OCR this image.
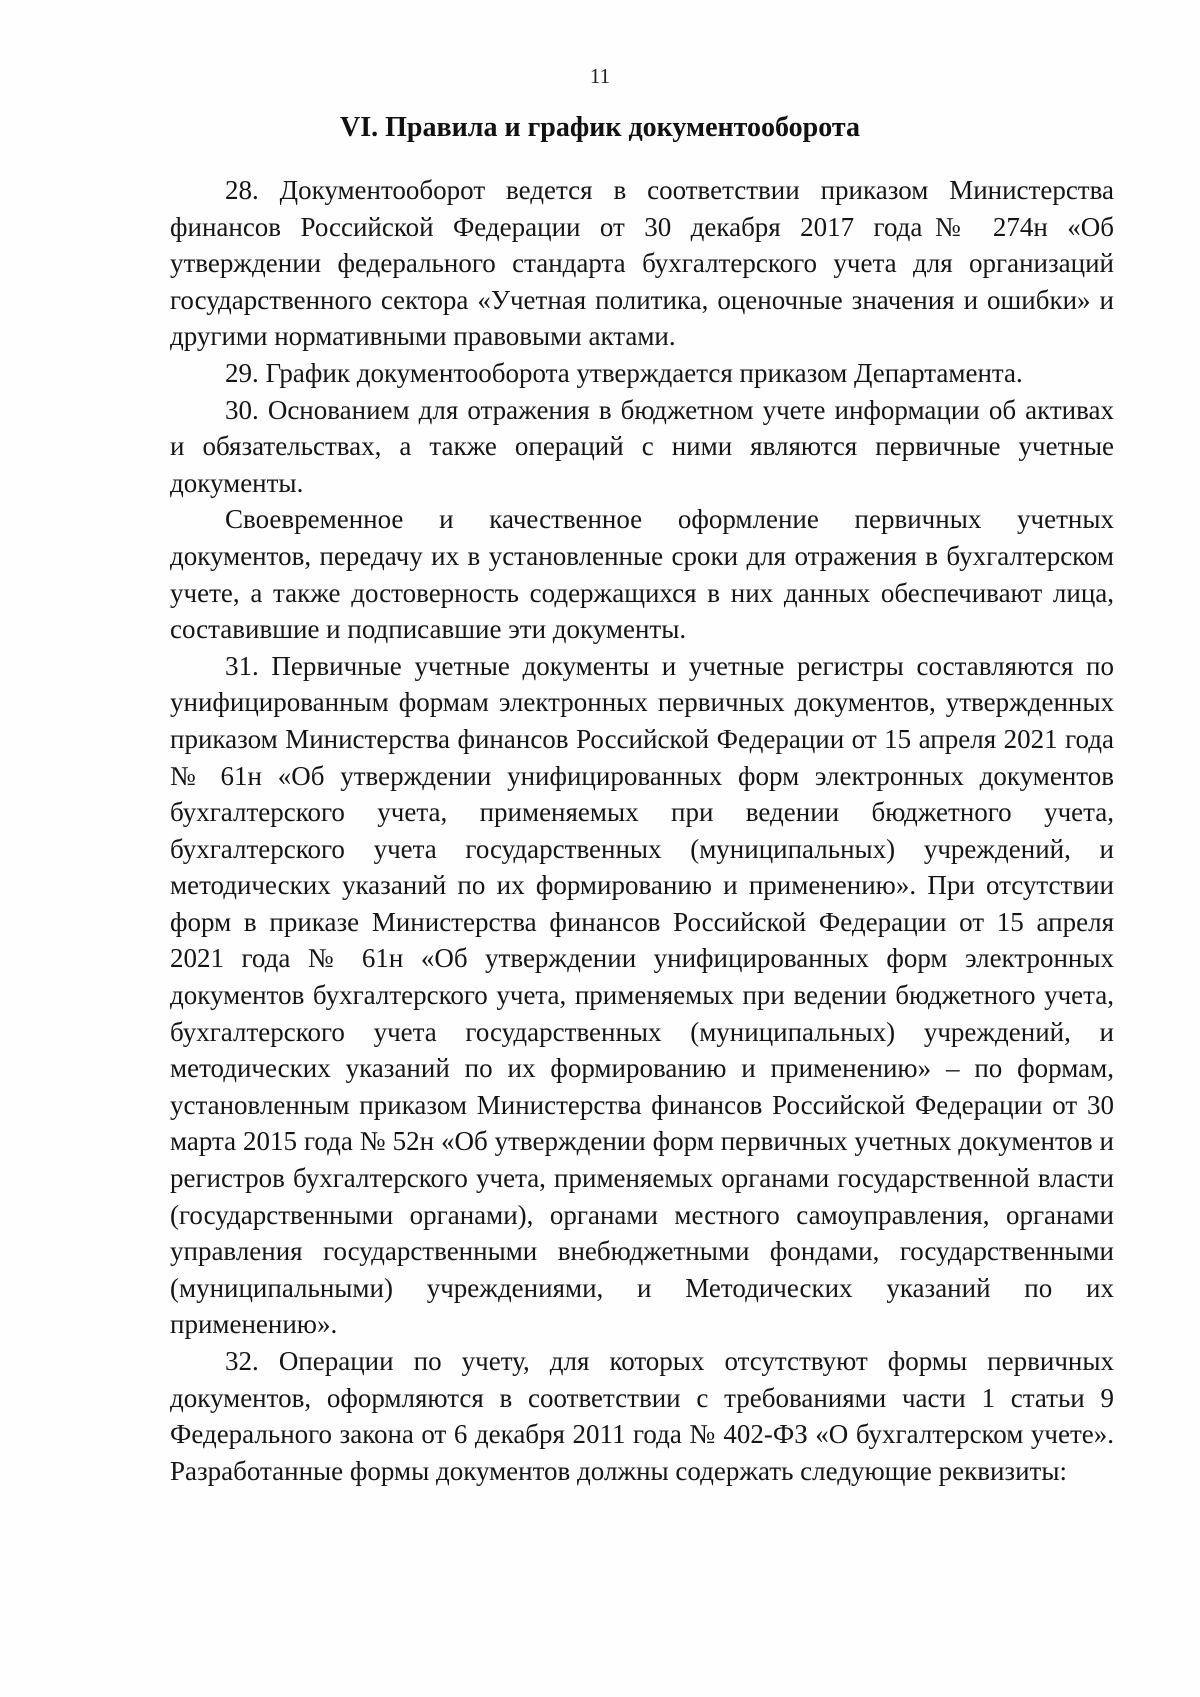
11
VI. Правила и график документооборота

28. Документооборот ведется в соответствии приказом Министерства финансов Российской Федерации от 30 декабря 2017 года№ 274н «Об утверждении федерального стандарта бухгалтерского учета для организаций государственного сектора «Учетная политика, оценочные значения и ошибки» и другими нормативными правовыми актами.

29. График документооборота утверждается приказом Департамента.

30. Основанием для отражения в бюджетном учете информации об активах и обязательствах, а также операций с ними являются первичные учетные документы.

Своевременное и качественное оформление первичных учетных документов, передачу их в установленные сроки для отражения в бухгалтерском учете, а также достоверность содержащихся в них данных обеспечивают лица, составившие и подписавшие эти документы.

31. Первичные учетные документы и учетные регистры составляются по унифицированным формам электронных первичных документов, утвержденных приказом Министерства финансов Российской Федерации от 15 апреля 2021 года № 61н «Об утверждении унифицированных форм электронных документов бухгалтерского учета, применяемых при ведении бюджетного учета, бухгалтерского учета государственных (муниципальных) учреждений, и методических указаний по их формированию и применению». При отсутствии форм в приказе Министерства финансов Российской Федерации от 15 апреля 2021 года № 61н «Об утверждении унифицированных форм электронных документов бухгалтерского учета, применяемых при ведении бюджетного учета, бухгалтерского учета государственных (муниципальных) учреждений, и методических указаний по их формированию и применению» – по формам, установленным приказом Министерства финансов Российской Федерации от 30 марта 2015 года № 52н «Об утверждении форм первичных учетных документов и регистров бухгалтерского учета, применяемых органами государственной власти (государственными органами), органами местного самоуправления, органами управления государственными внебюджетными фондами, государственными (муниципальными) учреждениями, и Методических указаний по их применению».

32. Операции по учету, для которых отсутствуют формы первичных документов, оформляются в соответствии с требованиями части 1 статьи 9 Федерального закона от 6 декабря 2011 года № 402-ФЗ «О бухгалтерском учете». Разработанные формы документов должны содержать следующие реквизиты:
